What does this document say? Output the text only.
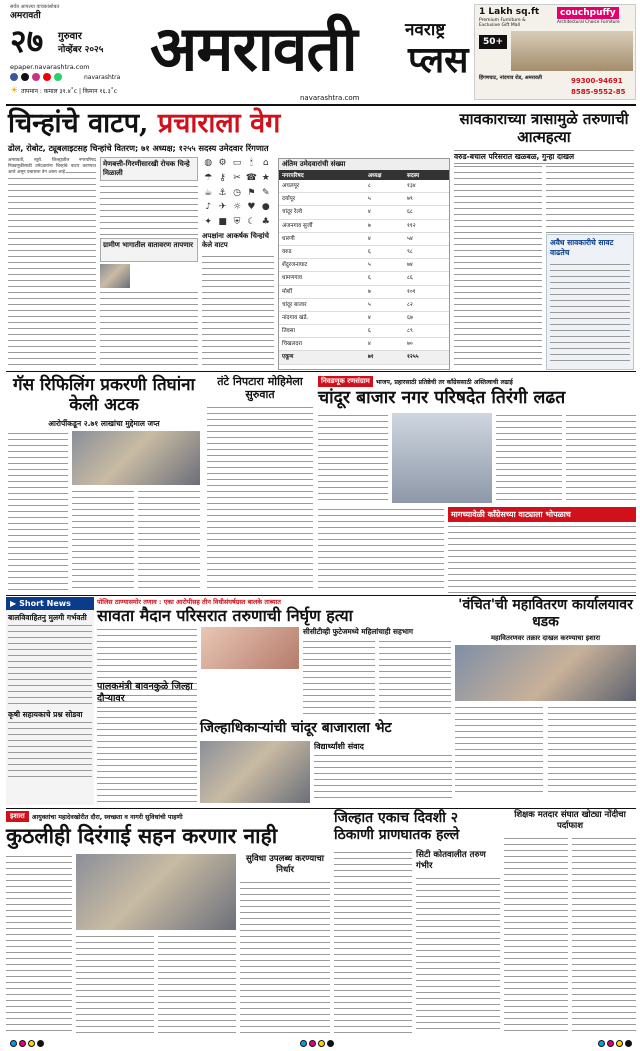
सर्वत्र आपल्या वाचकांसोबत
अमरावती
२७ गुरुवार
नोव्हेंबर २०२५
epaper.navarashtra.com
navarashtra
☀ तापमान : कमाल ३१.४˚c | किमान १६.३˚c
अमरावती	नवराष्ट्र
प्लस
navarashtra.com
1 Lakh sq.ft
Premium Furniture & Exclusive Gift Mall
couchpuffy
Architectural Choice Furniture
50+
हिंगणघाट, नांदगाव रोड, अमरावती	99300-94691
8585-9552-85
चिन्हांचे वाटप, प्रचाराला वेग
ढोल, रोबोट, ट्यूबलाइटसह चिन्हांचे वितरण; ७१ अध्यक्ष; १२५५ सदस्य उमेदवार रिंगणात
अमरावती, ब्यूरो. जिल्ह्यातील नगरपरिषद निवडणुकीसाठी उमेदवारांना चिन्हांचे वाटप करण्यात आले असून प्रचाराला वेग आला आहे.
मेणबत्ती-गिरणीसारखी रोचक चिन्हे मिळाली
ग्रामीण भागातील वातावरण तापणार
◍ ⚙ ▭ 🕯	⌂
☂ ⚷ ✂ ☎ ★
☕ ⚓ ◷ ⚑ ✎
♪ ✈ ☼ ♥ ●
✦ ■ ⛨ ☾ ♣
अपक्षांना आकर्षक चिन्हांचे केले वाटप
अंतिम उमेदवारांची संख्या
नगरपरिषद	अध्यक्ष	सदस्य
अचलपूर	८	१३४
दर्यापूर	५	७९
चांदूर रेल्वे	४	६८
अंजनगाव सुर्जी	७	११२
धारणी	४	५४
वरुड	६	९८
शेंदुरजनाघाट	५	७४
धामणगाव	६	८६
मोर्शी	७	१०१
चांदूर बाजार	५	८२
नांदगाव खंडे.	४	६७
तिवसा	६	८९
चिखलदरा	४	७०
एकूण	७१	१२५५
सावकाराच्या त्रासामुळे तरुणाची आत्महत्या
वरुड-बचाल परिसरात खळबळ, गुन्हा दाखल
अवैध सावकारीचे सावट वाढतेच
गॅस रिफिलिंग प्रकरणी तिघांना केली अटक
आरोपींकडून २.७१ लाखांचा मुद्देमाल जप्त
तंटे निपटारा मोहिमेला सुरुवात
निवडणूक रणसंग्राम भाजप, प्रहारसाठी प्रतिष्ठेची तर काँग्रेससाठी अस्तित्वाची लढाई
चांदूर बाजार नगर परिषदेत तिरंगी लढत
मागच्यावेळी काँग्रेसच्या वाट्याला भोपळाच
▶ Short News
बालविवाहितनु मुलगी गर्भवती
कृषी सहायकाचे प्रश्न सोडवा
पोलिस ठाण्यासमोर तणाव : एका आरोपीसह तीन विधीसंघर्षग्रस्त बालके ताब्यात
सावता मैदान परिसरात तरुणाची निर्घृण हत्या
सीसीटीव्ही फुटेजमध्ये महिलांचाही सहभाग
'वंचित'ची महावितरण कार्यालयावर धडक
महावितरणवर तक्रार दाखल करण्याचा इशारा
पालकमंत्री बावनकुळे जिल्हा दौऱ्यावर
जिल्हाधिकाऱ्यांची चांदूर बाजाराला भेट
विद्यार्थ्यांशी संवाद
इशारा	आयुक्तांचा महादेवखोरीत दौरा, स्वच्छता व नागरी सुविधांची पाहणी
कुठलीही दिरंगाई सहन करणार नाही
सुविधा उपलब्ध करण्याचा निर्धार
जिल्हात एकाच दिवशी २ ठिकाणी प्राणघातक हल्ले
सिटी कोतवालीत तरुण गंभीर
शिक्षक मतदार संघात खोट्या नोंदीचा पर्दाफाश
